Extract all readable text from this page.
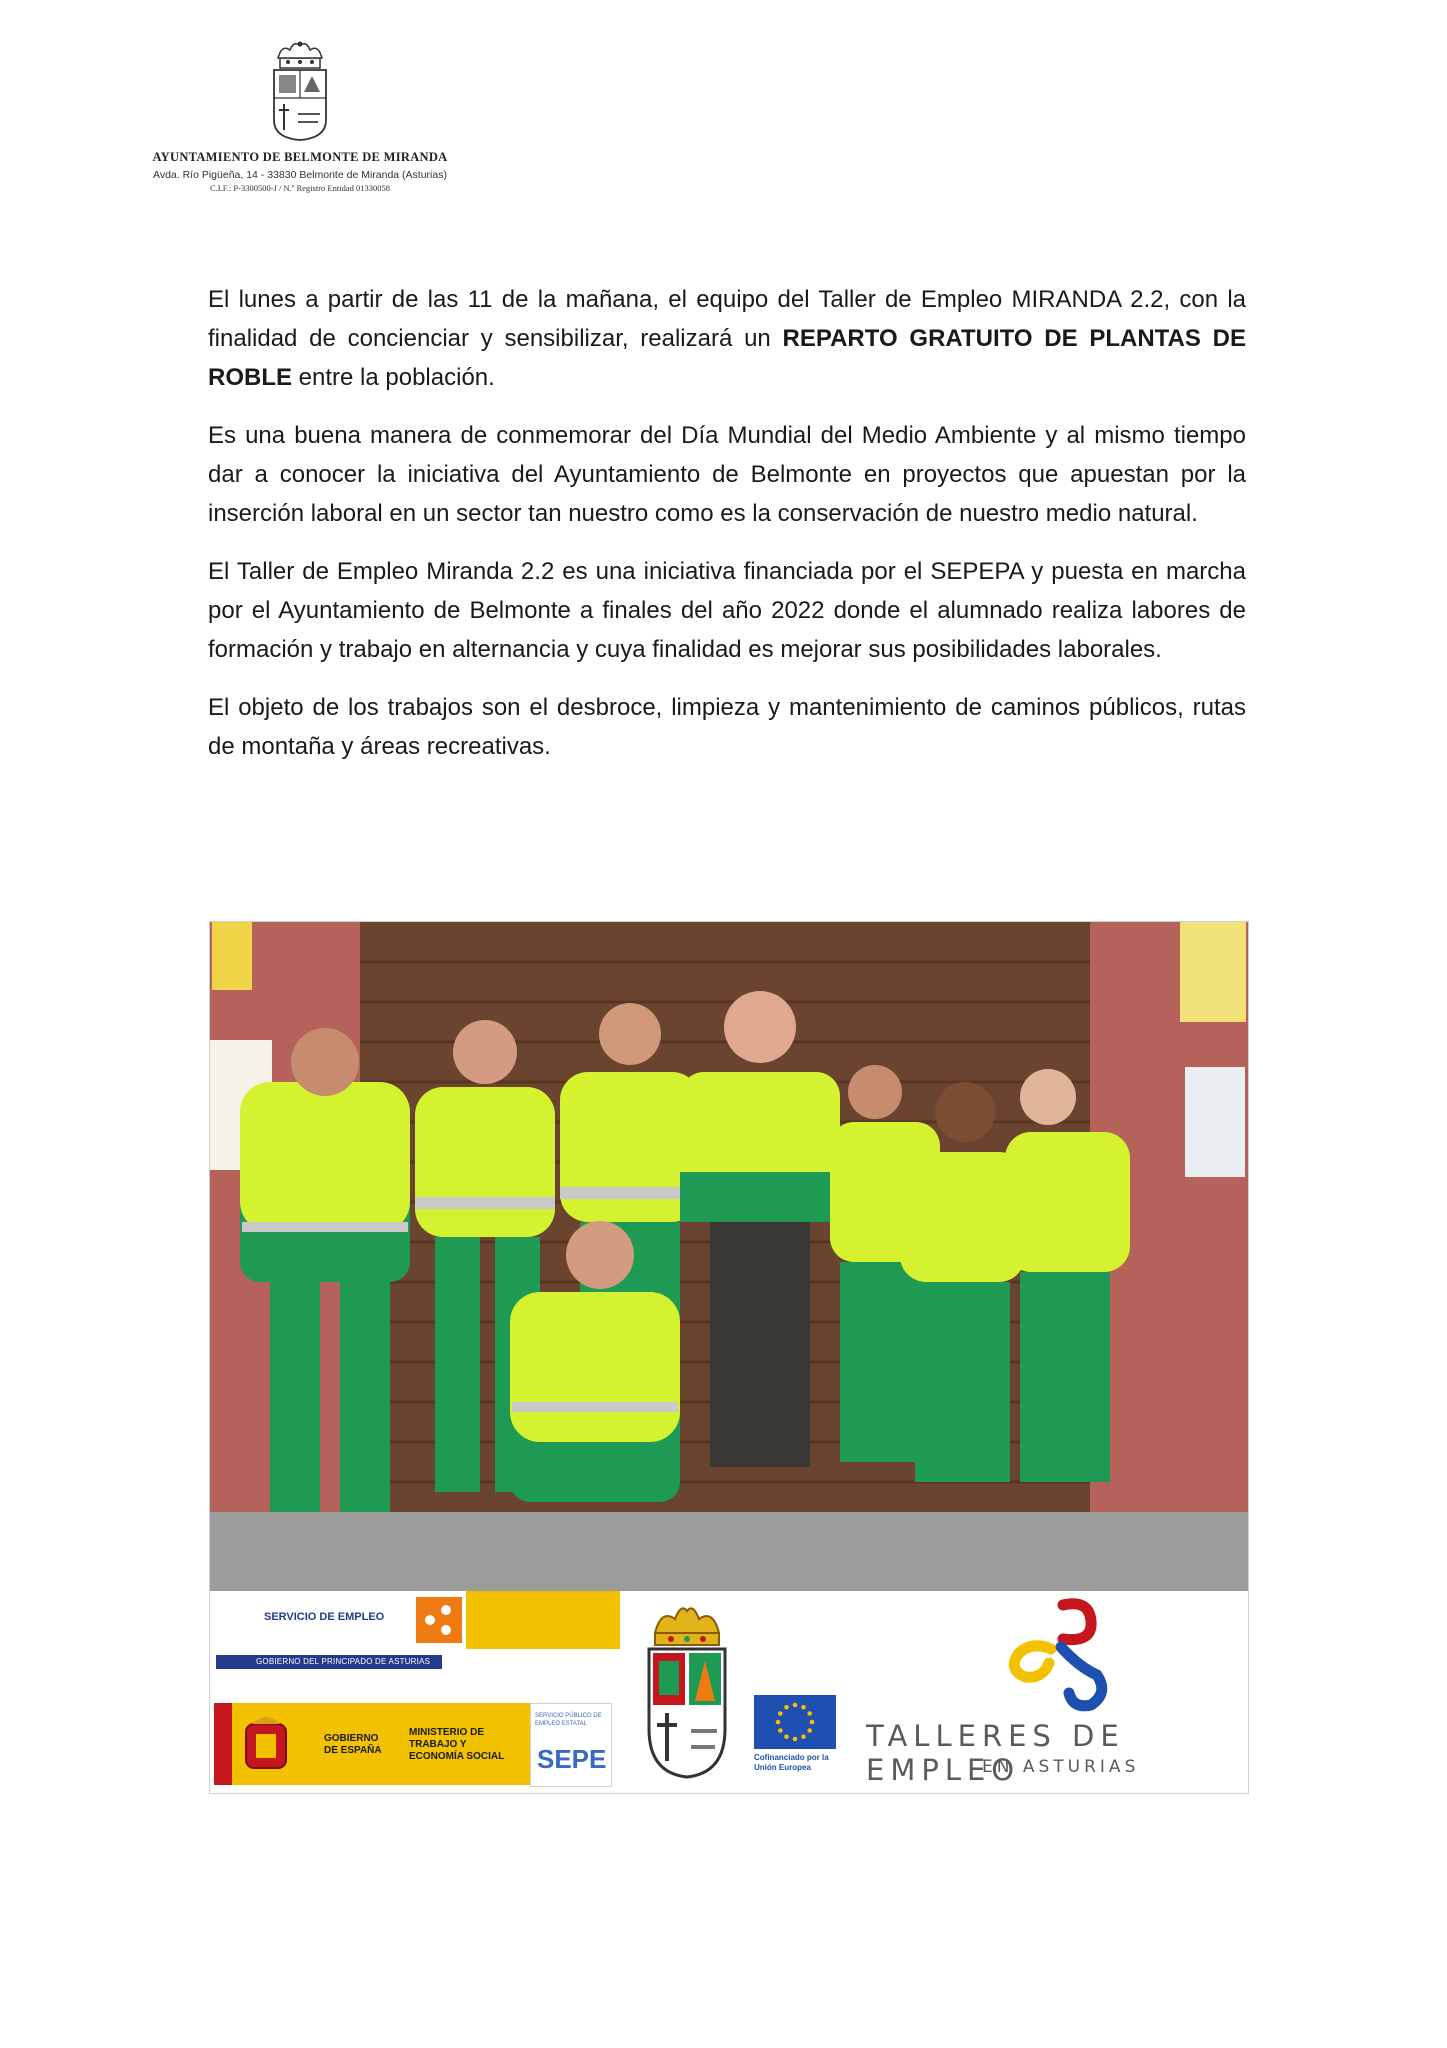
AYUNTAMIENTO DE BELMONTE DE MIRANDA
Avda. Río Pigüeña, 14 - 33830 Belmonte de Miranda (Asturias)
C.I.F.: P-3300500-J / N.º Registro Entidad 01330058

El lunes a partir de las 11 de la mañana, el equipo del Taller de Empleo MIRANDA 2.2, con la finalidad de concienciar y sensibilizar, realizará un REPARTO GRATUITO DE PLANTAS DE ROBLE entre la población.

Es una buena manera de conmemorar del Día Mundial del Medio Ambiente y al mismo tiempo dar a conocer la iniciativa del Ayuntamiento de Belmonte en proyectos que apuestan por la inserción laboral en un sector tan nuestro como es la conservación de nuestro medio natural.

El Taller de Empleo Miranda 2.2 es una iniciativa financiada por el SEPEPA y puesta en marcha por el Ayuntamiento de Belmonte a finales del año 2022 donde el alumnado realiza labores de formación y trabajo en alternancia y cuya finalidad es mejorar sus posibilidades laborales.

El objeto de los trabajos son el desbroce, limpieza y mantenimiento de caminos públicos, rutas de montaña y áreas recreativas.

SERVICIO DE EMPLEO
GOBIERNO DEL PRINCIPADO DE ASTURIAS
GOBIERNO DE ESPAÑA
MINISTERIO DE TRABAJO Y ECONOMÍA SOCIAL
SERVICIO PÚBLICO DE EMPLEO ESTATAL
SEPE	Cofinanciado por la Unión Europea
TALLERES DE EMPLEO
EN ASTURIAS
